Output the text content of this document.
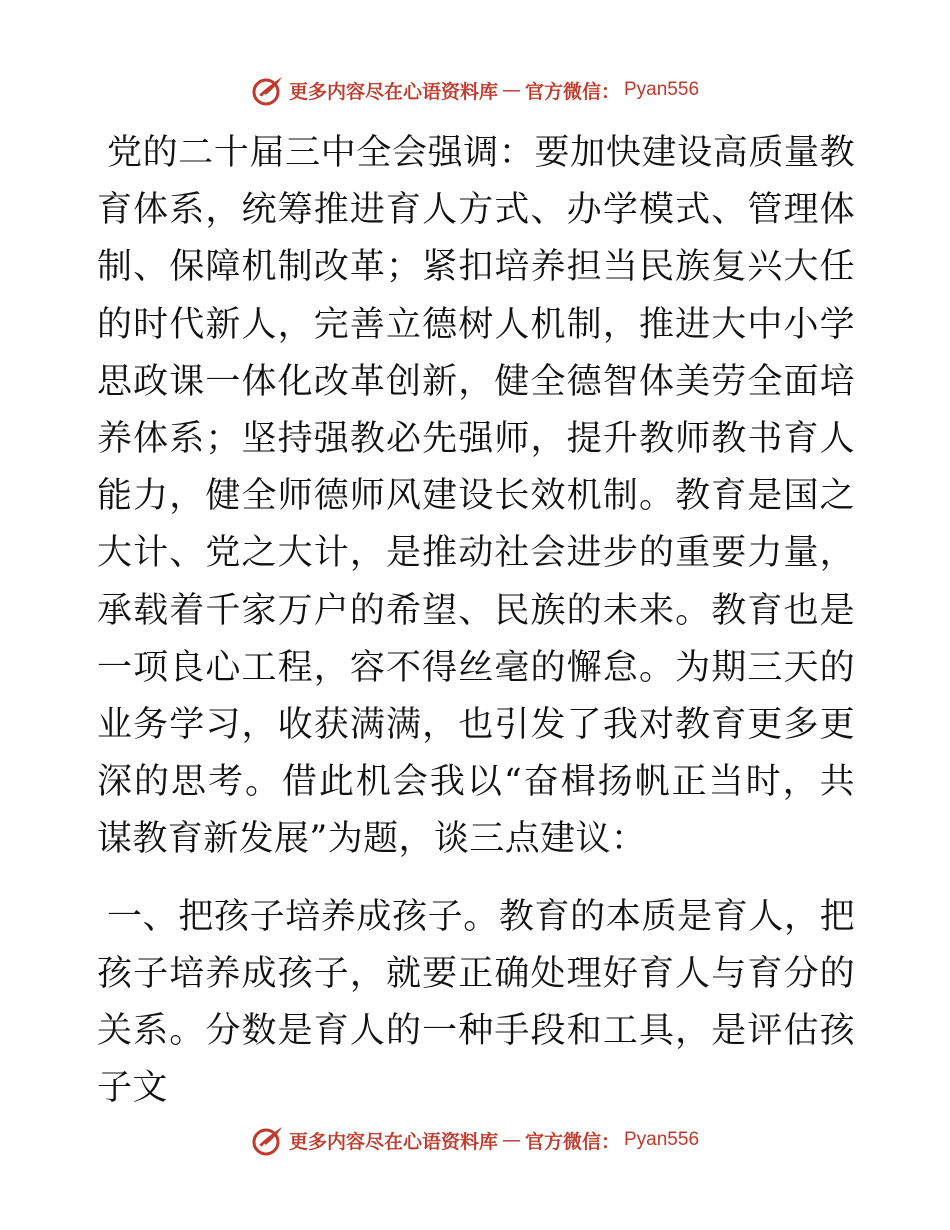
更多内容尽在心语资料库 — 官方微信： Pyan556

党的二十届三中全会强调：要加快建设高质量教育体系，统筹推进育人方式、办学模式、管理体制、保障机制改革；紧扣培养担当民族复兴大任的时代新人，完善立德树人机制，推进大中小学思政课一体化改革创新，健全德智体美劳全面培养体系；坚持强教必先强师，提升教师教书育人能力，健全师德师风建设长效机制。教育是国之大计、党之大计，是推动社会进步的重要力量，承载着千家万户的希望、民族的未来。教育也是一项良心工程，容不得丝毫的懈怠。为期三天的业务学习，收获满满，也引发了我对教育更多更深的思考。借此机会我以“奋楫扬帆正当时，共谋教育新发展”为题，谈三点建议：

一、把孩子培养成孩子。教育的本质是育人，把孩子培养成孩子，就要正确处理好育人与育分的关系。分数是育人的一种手段和工具，是评估孩子文

更多内容尽在心语资料库 — 官方微信： Pyan556
